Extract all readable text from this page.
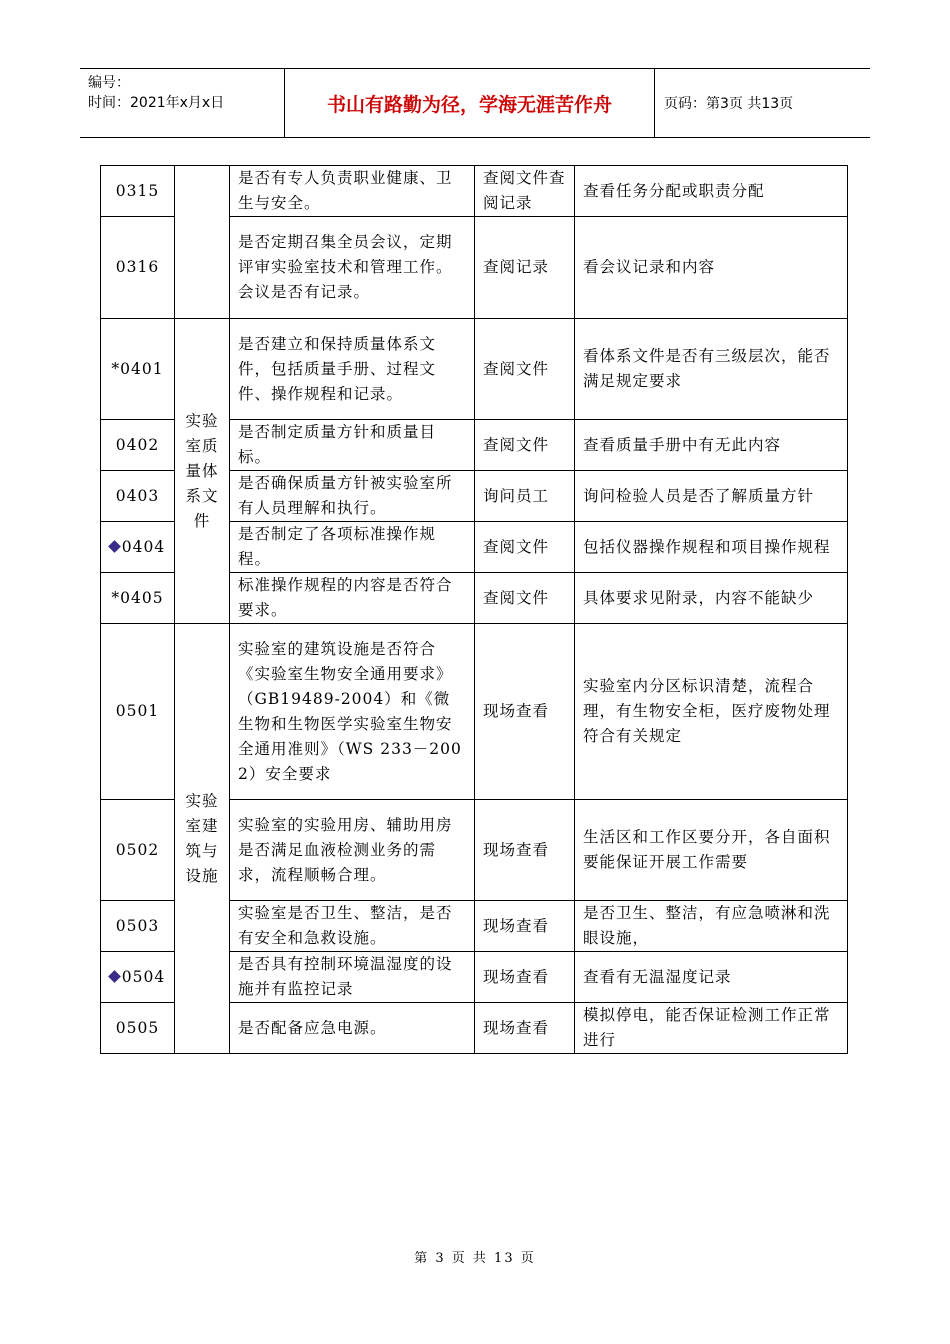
编号：
时间：2021年x月x日	书山有路勤为径，学海无涯苦作舟	页码：第3页 共13页
0315		是否有专人负责职业健康、卫生与安全。	查阅文件查阅记录	查看任务分配或职责分配
0316		是否定期召集全员会议，定期评审实验室技术和管理工作。会议是否有记录。	查阅记录	看会议记录和内容
*0401	实验室质量体系文件	是否建立和保持质量体系文件，包括质量手册、过程文件、操作规程和记录。	查阅文件	看体系文件是否有三级层次，能否满足规定要求
0402		是否制定质量方针和质量目标。	查阅文件	查看质量手册中有无此内容
0403		是否确保质量方针被实验室所有人员理解和执行。	询问员工	询问检验人员是否了解质量方针
0404		是否制定了各项标准操作规程。	查阅文件	包括仪器操作规程和项目操作规程
*0405		标准操作规程的内容是否符合要求。	查阅文件	具体要求见附录，内容不能缺少
0501	实验室建筑与设施	实验室的建筑设施是否符合《实验室生物安全通用要求》（GB19489-2004）和《微生物和生物医学实验室生物安全通用准则》（WS 233－2002）安全要求	现场查看	实验室内分区标识清楚，流程合理，有生物安全柜，医疗废物处理符合有关规定
0502		实验室的实验用房、辅助用房是否满足血液检测业务的需求，流程顺畅合理。	现场查看	生活区和工作区要分开，各自面积要能保证开展工作需要
0503		实验室是否卫生、整洁，是否有安全和急救设施。	现场查看	是否卫生、整洁，有应急喷淋和洗眼设施，
0504		是否具有控制环境温湿度的设施并有监控记录	现场查看	查看有无温湿度记录
0505		是否配备应急电源。	现场查看	模拟停电，能否保证检测工作正常进行
第 3 页 共 13 页
